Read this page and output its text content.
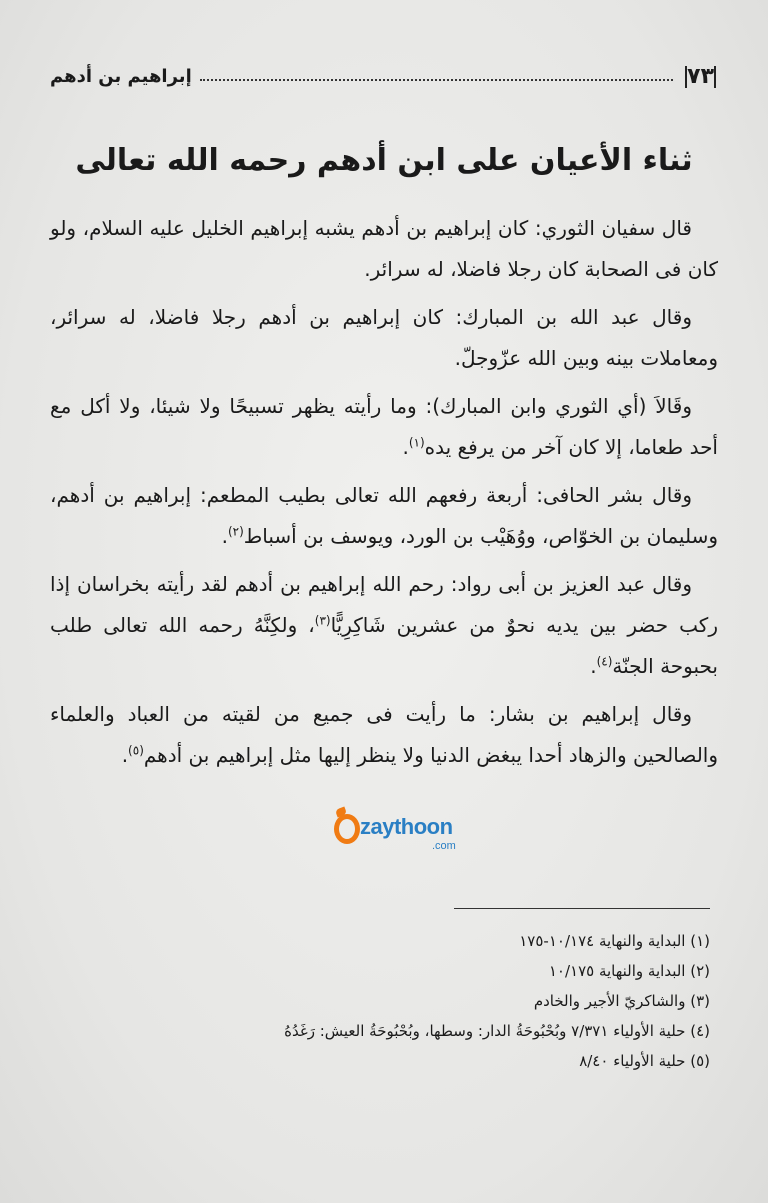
٧٣
إبراهيم بن أدهم
ثناء الأعيان على ابن أدهم رحمه الله تعالى

قال سفيان الثوري: كان إبراهيم بن أدهم يشبه إبراهيم الخليل عليه السلام، ولو كان فى الصحابة كان رجلا فاضلا، له سرائر.

وقال عبد الله بن المبارك: كان إبراهيم بن أدهم رجلا فاضلا، له سرائر، ومعاملات بينه وبين الله عزّوجلّ.

وقَالاَ (أي الثوري وابن المبارك): وما رأيته يظهر تسبيحًا ولا شيئا، ولا أكل مع أحد طعاما، إلا كان آخر من يرفع يده$^{(١)}$.

وقال بشر الحافى: أربعة رفعهم الله تعالى بطيب المطعم: إبراهيم بن أدهم، وسليمان بن الخوّاص، ووُهَيْب بن الورد، ويوسف بن أسباط$^{(٢)}$.

وقال عبد العزيز بن أبى رواد: رحم الله إبراهيم بن أدهم لقد رأيته بخراسان إذا ركب حضر بين يديه نحوٌ من عشرين شَاكِرِيًّا$^{(٣)}$، ولكِنَّهُ رحمه الله تعالى طلب بحبوحة الجنّة$^{(٤)}$.

وقال إبراهيم بن بشار: ما رأيت فى جميع من لقيته من العباد والعلماء والصالحين والزهاد أحدا يبغض الدنيا ولا ينظر إليها مثل إبراهيم بن أدهم$^{(٥)}$.

zaythoon
.com

(١) البداية والنهاية ١٠/١٧٤-١٧٥

(٢) البداية والنهاية ١٠/١٧٥

(٣) والشاكريّ الأجير والخادم

(٤) حلية الأولياء ٧/٣٧١ وبُحْبُوحَةُ الدار: وسطها، وبُحْبُوحَةُ العيش: رَغَدُهُ

(٥) حلية الأولياء ٨/٤٠
